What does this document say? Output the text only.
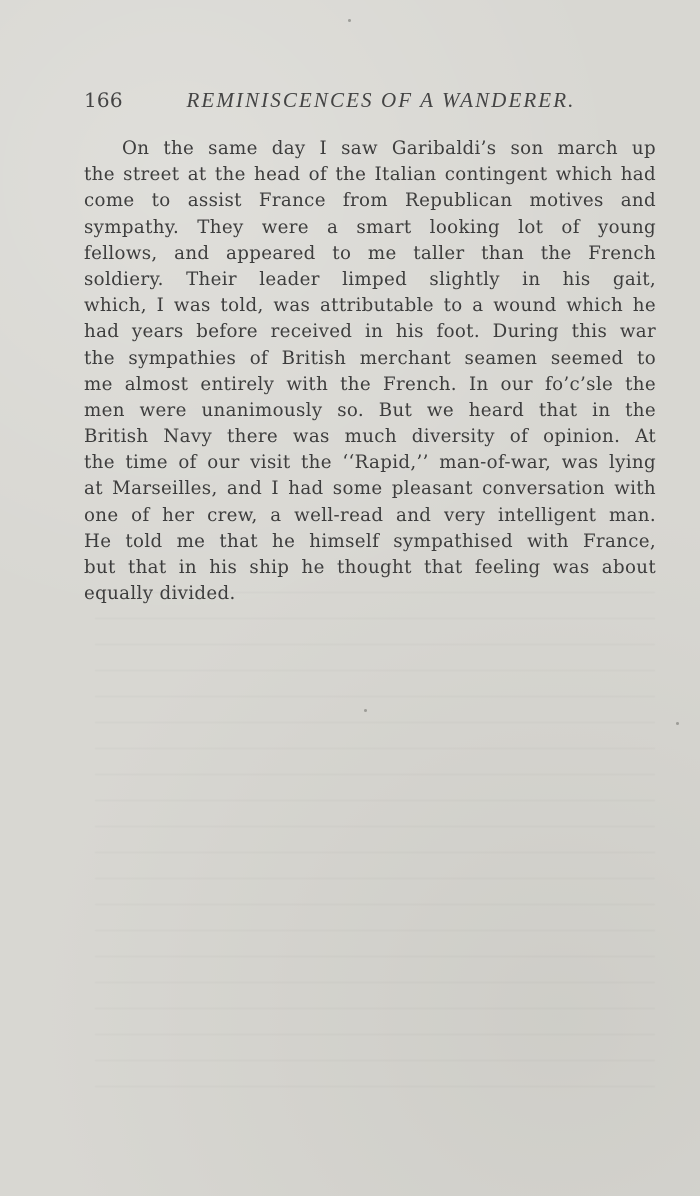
166	REMINISCENCES OF A WANDERER.
On the same day I saw Garibaldi’s son march up
the street at the head of the Italian contingent which had
come to assist France from Republican motives and
sympathy. They were a smart looking lot of young
fellows, and appeared to me taller than the French
soldiery. Their leader limped slightly in his gait,
which, I was told, was attributable to a wound which he
had years before received in his foot. During this war
the sympathies of British merchant seamen seemed to
me almost entirely with the French. In our fo’c’sle the
men were unanimously so. But we heard that in the
British Navy there was much diversity of opinion. At
the time of our visit the ‘‘Rapid,’’ man-of-war, was lying
at Marseilles, and I had some pleasant conversation with
one of her crew, a well-read and very intelligent man.
He told me that he himself sympathised with France,
but that in his ship he thought that feeling was about
equally divided.
